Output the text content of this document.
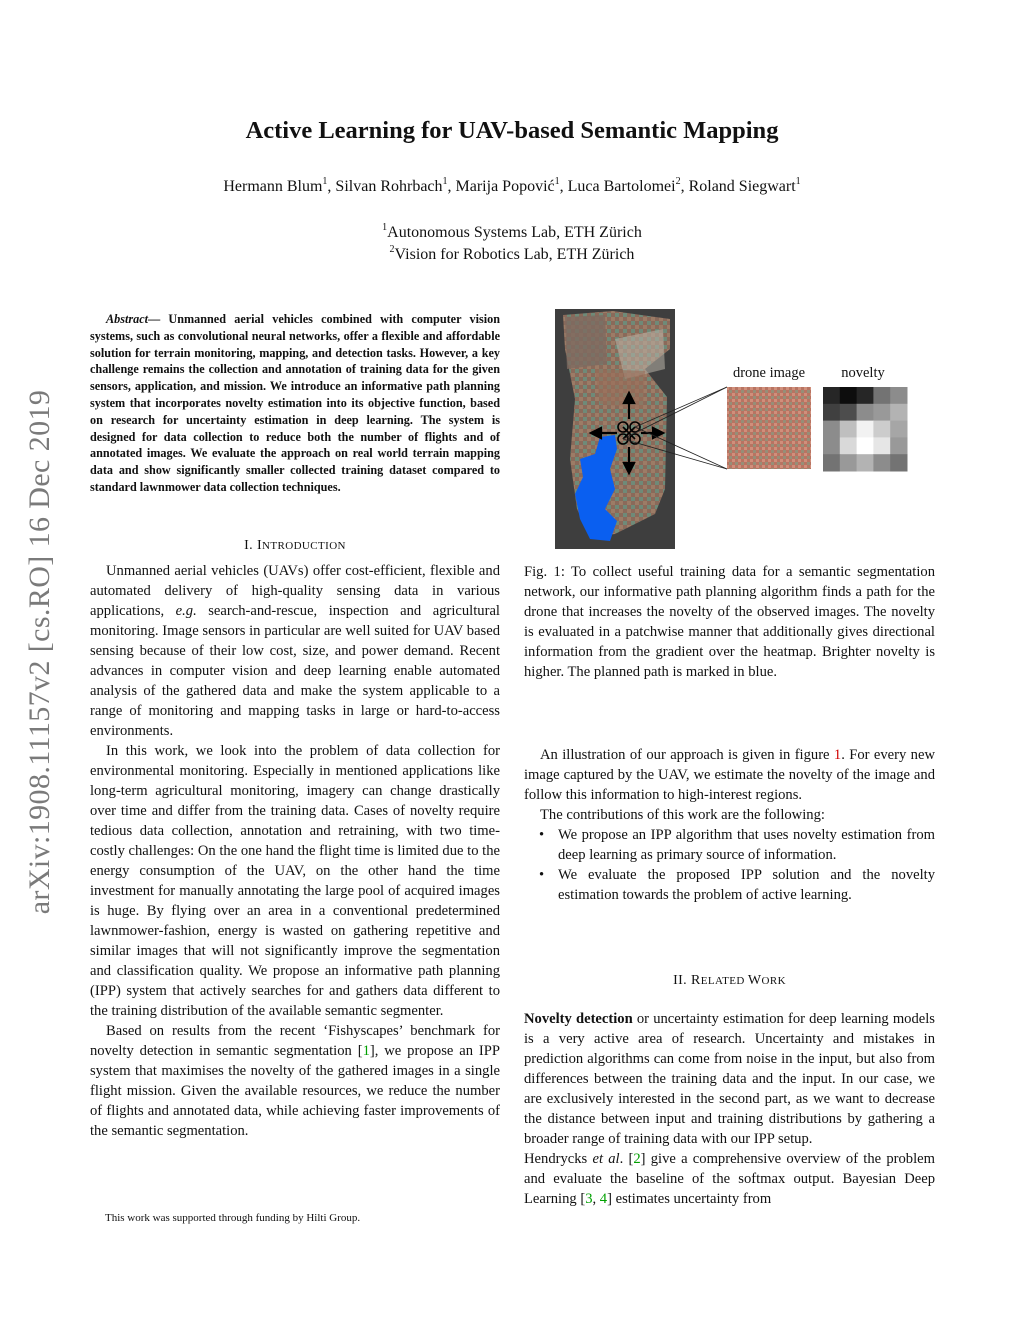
arXiv:1908.11157v2 [cs.RO] 16 Dec 2019
Active Learning for UAV-based Semantic Mapping
Hermann Blum$^1$, Silvan Rohrbach$^1$, Marija Popović$^1$, Luca Bartolomei$^2$, Roland Siegwart$^1$
$^1$Autonomous Systems Lab, ETH Zürich
$^2$Vision for Robotics Lab, ETH Zürich
Abstract— Unmanned aerial vehicles combined with computer vision systems, such as convolutional neural networks, offer a flexible and affordable solution for terrain monitoring, mapping, and detection tasks. However, a key challenge remains the collection and annotation of training data for the given sensors, application, and mission. We introduce an informative path planning system that incorporates novelty estimation into its objective function, based on research for uncertainty estimation in deep learning. The system is designed for data collection to reduce both the number of flights and of annotated images. We evaluate the approach on real world terrain mapping data and show significantly smaller collected training dataset compared to standard lawnmower data collection techniques.
I. INTRODUCTION

Unmanned aerial vehicles (UAVs) offer cost-efficient, flexible and automated delivery of high-quality sensing data in various applications, e.g. search-and-rescue, inspection and agricultural monitoring. Image sensors in particular are well suited for UAV based sensing because of their low cost, size, and power demand. Recent advances in computer vision and deep learning enable automated analysis of the gathered data and make the system applicable to a range of monitoring and mapping tasks in large or hard-to-access environments.

In this work, we look into the problem of data collection for environmental monitoring. Especially in mentioned applications like long-term agricultural monitoring, imagery can change drastically over time and differ from the training data. Cases of novelty require tedious data collection, annotation and retraining, with two time-costly challenges: On the one hand the flight time is limited due to the energy consumption of the UAV, on the other hand the time investment for manually annotating the large pool of acquired images is huge. By flying over an area in a conventional predetermined lawnmower-fashion, energy is wasted on gathering repetitive and similar images that will not significantly improve the segmentation and classification quality. We propose an informative path planning (IPP) system that actively searches for and gathers data different to the training distribution of the available semantic segmenter.

Based on results from the recent ‘Fishyscapes’ benchmark for novelty detection in semantic segmentation [1], we propose an IPP system that maximises the novelty of the gathered images in a single flight mission. Given the available resources, we reduce the number of flights and annotated data, while achieving faster improvements of the semantic segmentation.

This work was supported through funding by Hilti Group.
drone image novelty
Fig. 1: To collect useful training data for a semantic segmentation network, our informative path planning algorithm finds a path for the drone that increases the novelty of the observed images. The novelty is evaluated in a patchwise manner that additionally gives directional information from the gradient over the heatmap. Brighter novelty is higher. The planned path is marked in blue.

An illustration of our approach is given in figure 1. For every new image captured by the UAV, we estimate the novelty of the image and follow this information to high-interest regions.

The contributions of this work are the following:

• We propose an IPP algorithm that uses novelty estimation from deep learning as primary source of information.
• We evaluate the proposed IPP solution and the novelty estimation towards the problem of active learning.
II. RELATED WORK

Novelty detection or uncertainty estimation for deep learning models is a very active area of research. Uncertainty and mistakes in prediction algorithms can come from noise in the input, but also from differences between the training data and the input. In our case, we are exclusively interested in the second part, as we want to decrease the distance between input and training distributions by gathering a broader range of training data with our IPP setup.

Hendrycks et al. [2] give a comprehensive overview of the problem and evaluate the baseline of the softmax output. Bayesian Deep Learning [3, 4] estimates uncertainty from
